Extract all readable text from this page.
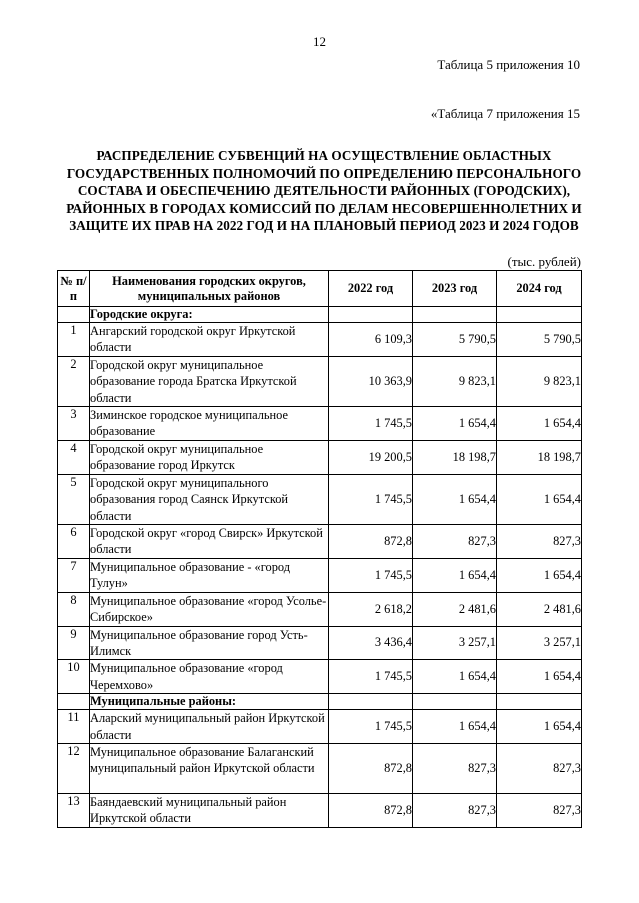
12
Таблица 5 приложения 10
«Таблица 7 приложения 15
РАСПРЕДЕЛЕНИЕ СУБВЕНЦИЙ НА ОСУЩЕСТВЛЕНИЕ ОБЛАСТНЫХ ГОСУДАРСТВЕННЫХ ПОЛНОМОЧИЙ ПО ОПРЕДЕЛЕНИЮ ПЕРСОНАЛЬНОГО СОСТАВА И ОБЕСПЕЧЕНИЮ ДЕЯТЕЛЬНОСТИ РАЙОННЫХ (ГОРОДСКИХ), РАЙОННЫХ В ГОРОДАХ КОМИССИЙ ПО ДЕЛАМ НЕСОВЕРШЕННОЛЕТНИХ И ЗАЩИТЕ ИХ ПРАВ НА 2022 ГОД И НА ПЛАНОВЫЙ ПЕРИОД 2023 И 2024 ГОДОВ
(тыс. рублей)
№ п/п	Наименования городских округов, муниципальных районов	2022 год	2023 год	2024 год
	Городские округа:			
1	Ангарский городской округ Иркутской области	6 109,3	5 790,5	5 790,5
2	Городской округ муниципальное образование города Братска Иркутской области	10 363,9	9 823,1	9 823,1
3	Зиминское городское муниципальное образование	1 745,5	1 654,4	1 654,4
4	Городской округ муниципальное образование город Иркутск	19 200,5	18 198,7	18 198,7
5	Городской округ муниципального образования город Саянск Иркутской области	1 745,5	1 654,4	1 654,4
6	Городской округ «город Свирск» Иркутской области	872,8	827,3	827,3
7	Муниципальное образование - «город Тулун»	1 745,5	1 654,4	1 654,4
8	Муниципальное образование «город Усолье-Сибирское»	2 618,2	2 481,6	2 481,6
9	Муниципальное образование город Усть-Илимск	3 436,4	3 257,1	3 257,1
10	Муниципальное образование «город Черемхово»	1 745,5	1 654,4	1 654,4
	Муниципальные районы:			
11	Аларский муниципальный район Иркутской области	1 745,5	1 654,4	1 654,4
12	Муниципальное образование Балаганский муниципальный район Иркутской области	872,8	827,3	827,3
13	Баяндаевский муниципальный район Иркутской области	872,8	827,3	827,3
